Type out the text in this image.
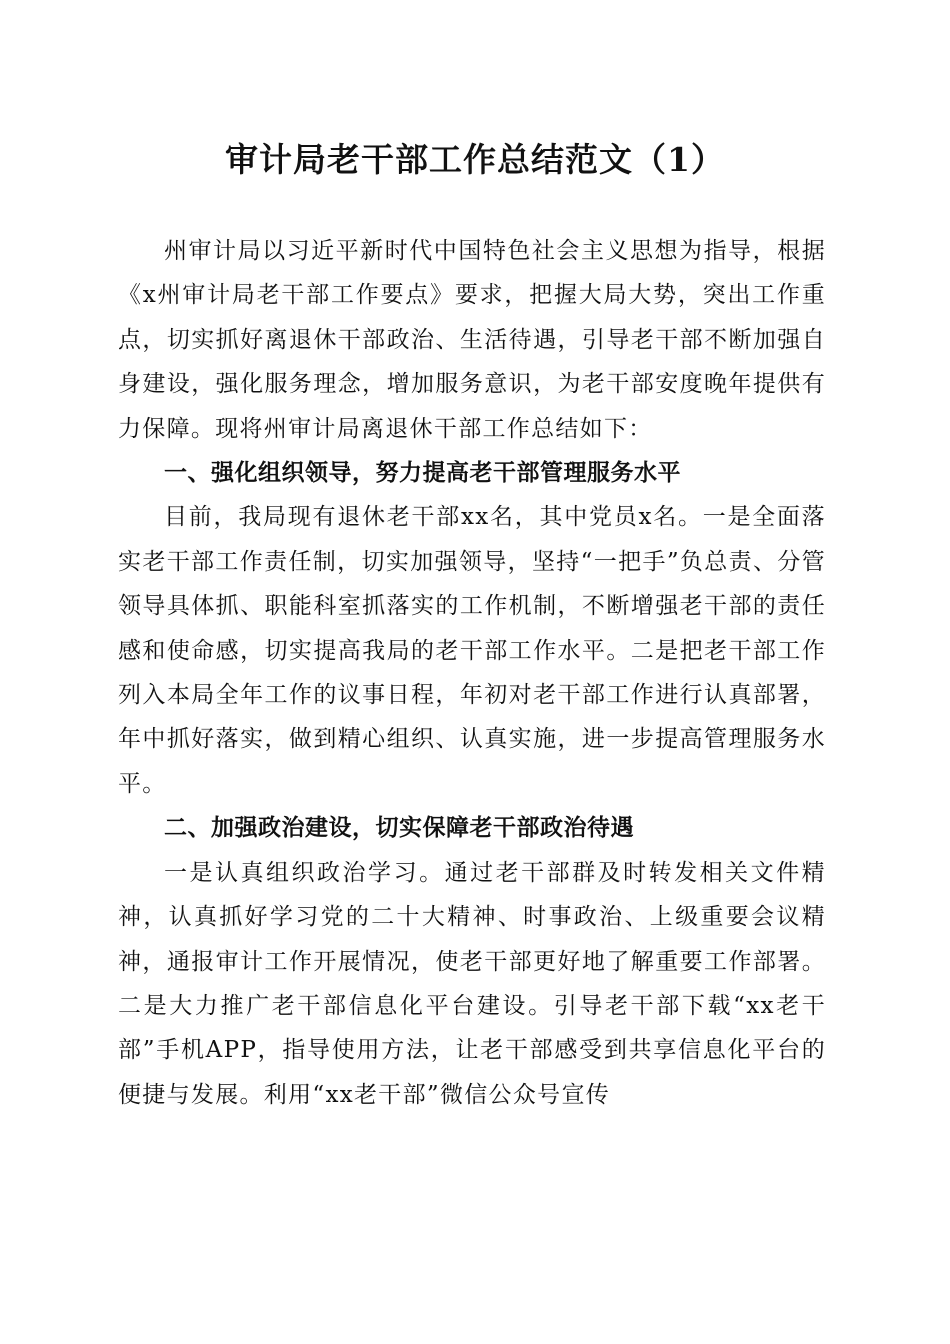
审计局老干部工作总结范文（1）

州审计局以习近平新时代中国特色社会主义思想为指导，根据《x州审计局老干部工作要点》要求，把握大局大势，突出工作重点，切实抓好离退休干部政治、生活待遇，引导老干部不断加强自身建设，强化服务理念，增加服务意识，为老干部安度晚年提供有力保障。现将州审计局离退休干部工作总结如下：

一、强化组织领导，努力提高老干部管理服务水平

目前，我局现有退休老干部xx名，其中党员x名。一是全面落实老干部工作责任制，切实加强领导，坚持“一把手”负总责、分管领导具体抓、职能科室抓落实的工作机制，不断增强老干部的责任感和使命感，切实提高我局的老干部工作水平。二是把老干部工作列入本局全年工作的议事日程，年初对老干部工作进行认真部署，年中抓好落实，做到精心组织、认真实施，进一步提高管理服务水平。

二、加强政治建设，切实保障老干部政治待遇

一是认真组织政治学习。通过老干部群及时转发相关文件精神，认真抓好学习党的二十大精神、时事政治、上级重要会议精神，通报审计工作开展情况，使老干部更好地了解重要工作部署。二是大力推广老干部信息化平台建设。引导老干部下载“xx老干部”手机APP，指导使用方法，让老干部感受到共享信息化平台的便捷与发展。利用“xx老干部”微信公众号宣传
